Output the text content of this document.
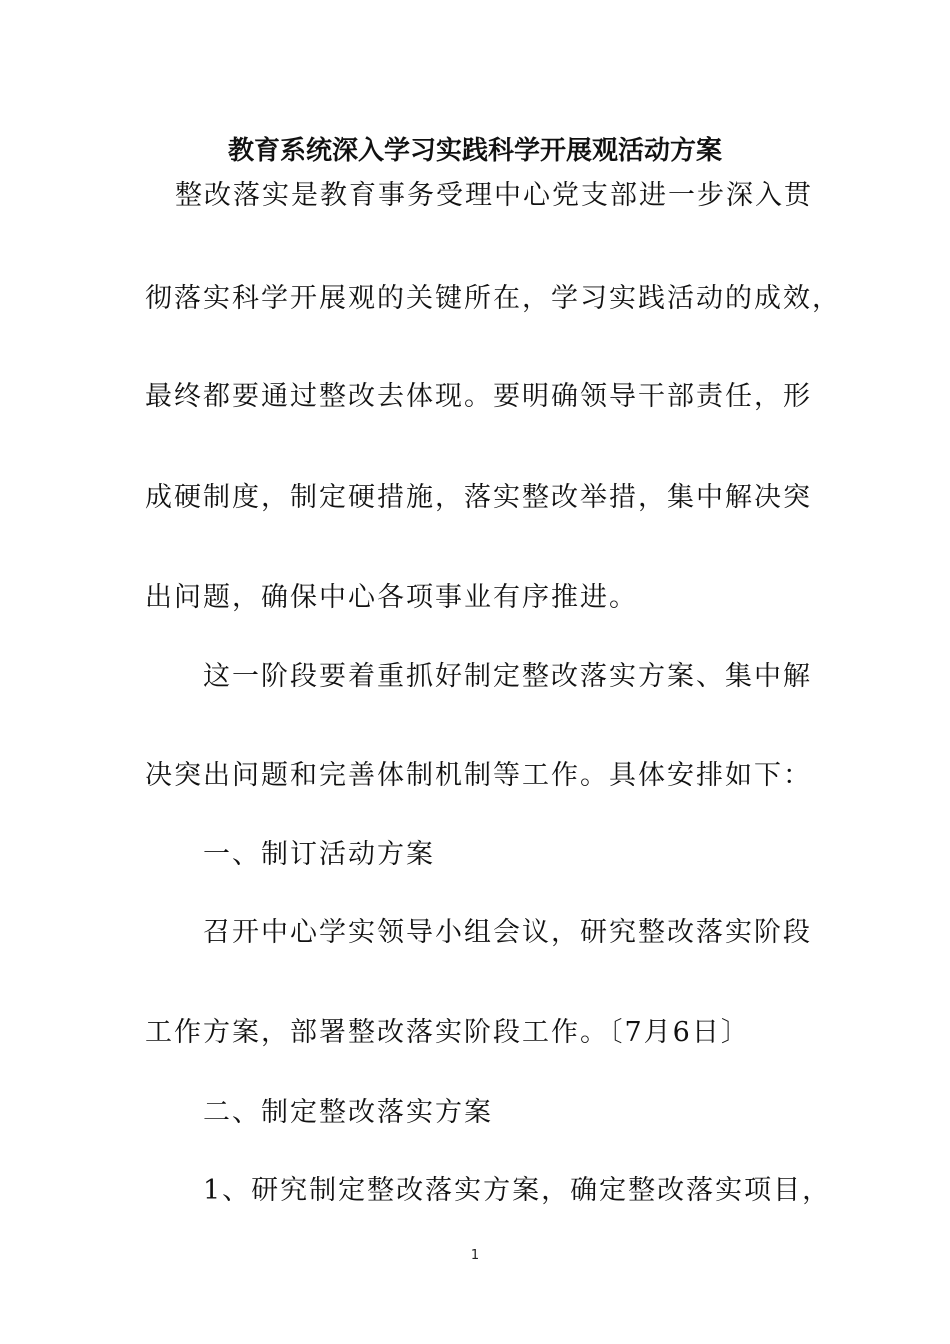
教育系统深入学习实践科学开展观活动方案
整改落实是教育事务受理中心党支部进一步深入贯
彻落实科学开展观的关键所在，学习实践活动的成效，
最终都要通过整改去体现。要明确领导干部责任，形
成硬制度，制定硬措施，落实整改举措，集中解决突
出问题，确保中心各项事业有序推进。
这一阶段要着重抓好制定整改落实方案、集中解
决突出问题和完善体制机制等工作。具体安排如下：
一、制订活动方案
召开中心学实领导小组会议，研究整改落实阶段
工作方案，部署整改落实阶段工作。〔7月6日〕
二、制定整改落实方案
1、研究制定整改落实方案，确定整改落实项目，
1
